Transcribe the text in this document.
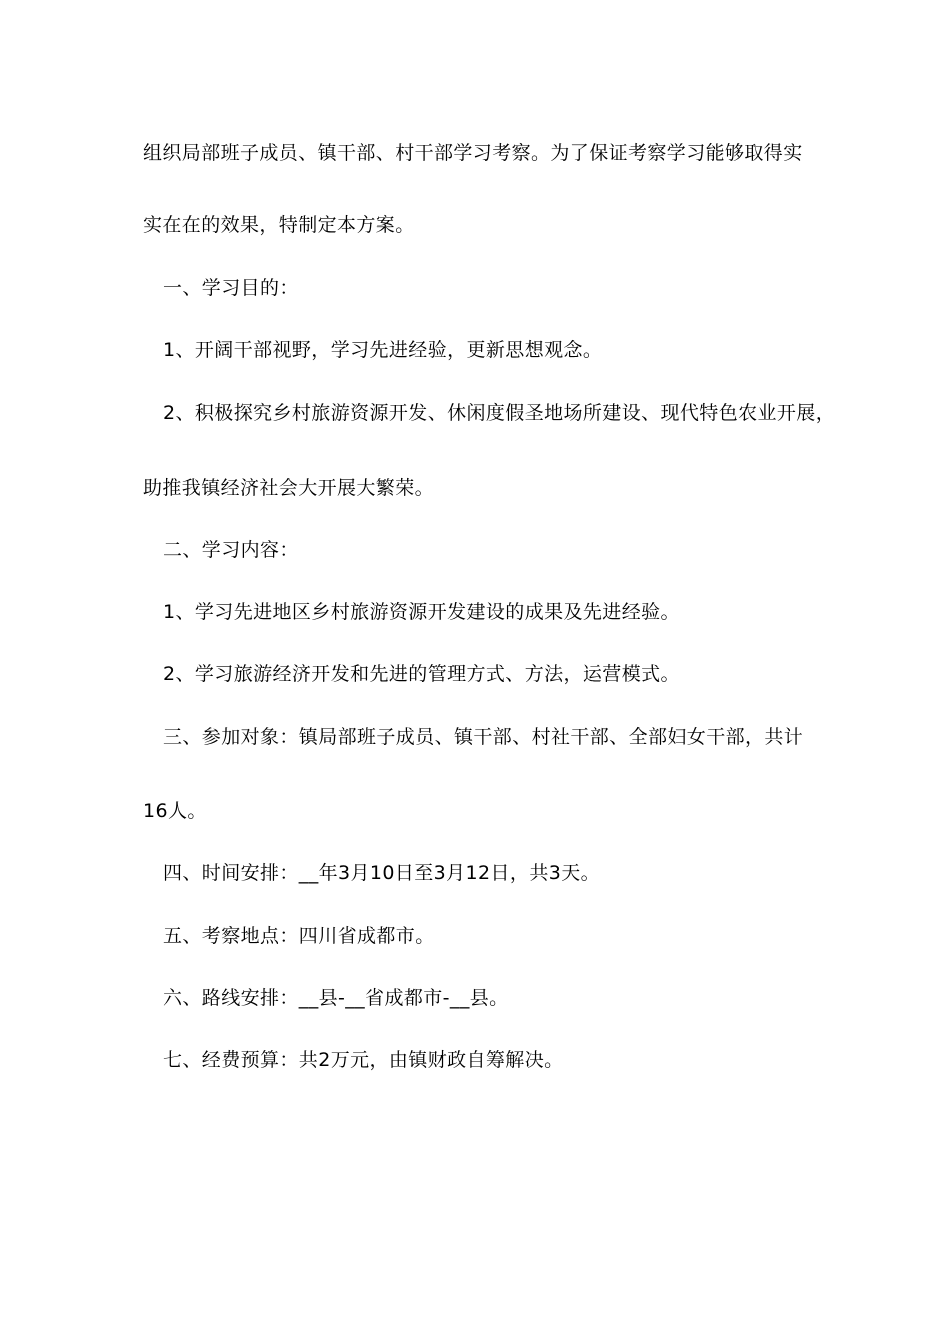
组织局部班子成员、镇干部、村干部学习考察。为了保证考察学习能够取得实
实在在的效果，特制定本方案。
一、学习目的：
1、开阔干部视野，学习先进经验，更新思想观念。
2、积极探究乡村旅游资源开发、休闲度假圣地场所建设、现代特色农业开展，
助推我镇经济社会大开展大繁荣。
二、学习内容：
1、学习先进地区乡村旅游资源开发建设的成果及先进经验。
2、学习旅游经济开发和先进的管理方式、方法，运营模式。
三、参加对象：镇局部班子成员、镇干部、村社干部、全部妇女干部，共计
16人。
四、时间安排：__年3月10日至3月12日，共3天。
五、考察地点：四川省成都市。
六、路线安排：__县-__省成都市-__县。
七、经费预算：共2万元，由镇财政自筹解决。
